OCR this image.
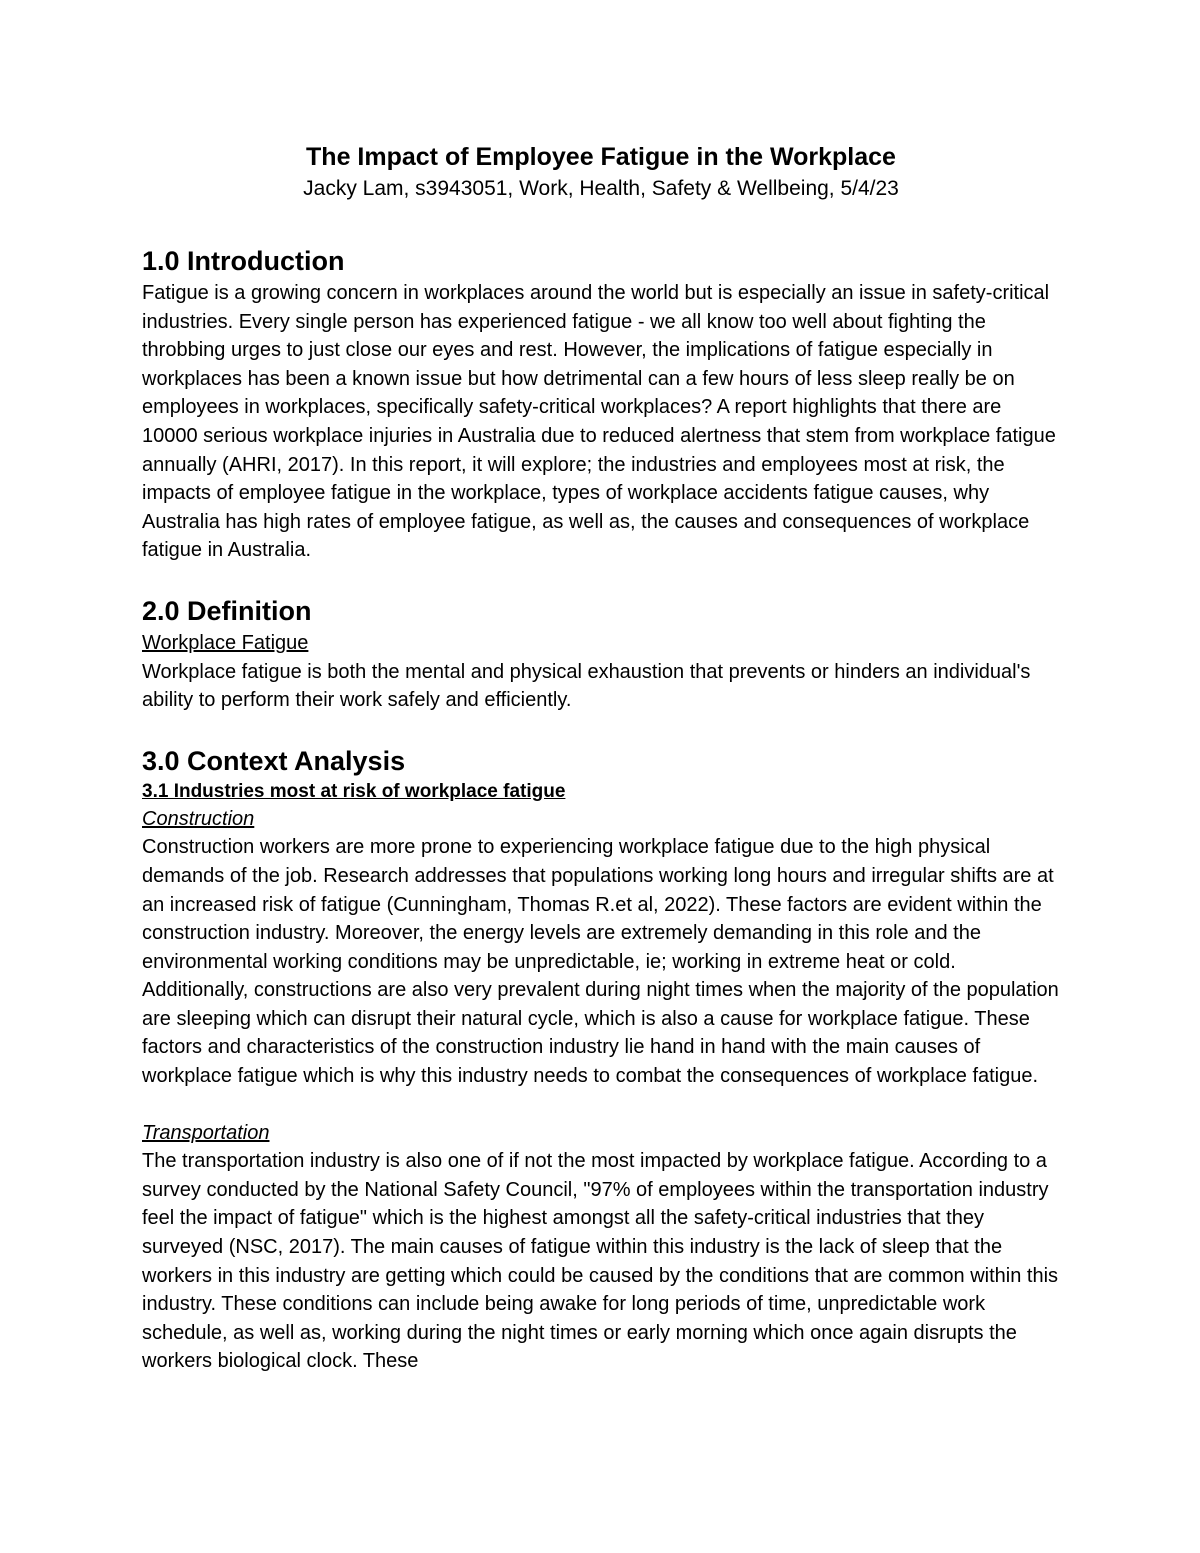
The Impact of Employee Fatigue in the Workplace
Jacky Lam, s3943051, Work, Health, Safety & Wellbeing, 5/4/23
1.0 Introduction

Fatigue is a growing concern in workplaces around the world but is especially an issue in safety-critical industries. Every single person has experienced fatigue - we all know too well about fighting the throbbing urges to just close our eyes and rest. However, the implications of fatigue especially in workplaces has been a known issue but how detrimental can a few hours of less sleep really be on employees in workplaces, specifically safety-critical workplaces? A report highlights that there are 10000 serious workplace injuries in Australia due to reduced alertness that stem from workplace fatigue annually (AHRI, 2017). In this report, it will explore; the industries and employees most at risk, the impacts of employee fatigue in the workplace, types of workplace accidents fatigue causes, why Australia has high rates of employee fatigue, as well as, the causes and consequences of workplace fatigue in Australia.

2.0 Definition
Workplace Fatigue

Workplace fatigue is both the mental and physical exhaustion that prevents or hinders an individual's ability to perform their work safely and efficiently.

3.0 Context Analysis
3.1 Industries most at risk of workplace fatigue
Construction

Construction workers are more prone to experiencing workplace fatigue due to the high physical demands of the job. Research addresses that populations working long hours and irregular shifts are at an increased risk of fatigue (Cunningham, Thomas R.et al, 2022). These factors are evident within the construction industry. Moreover, the energy levels are extremely demanding in this role and the environmental working conditions may be unpredictable, ie; working in extreme heat or cold. Additionally, constructions are also very prevalent during night times when the majority of the population are sleeping which can disrupt their natural cycle, which is also a cause for workplace fatigue. These factors and characteristics of the construction industry lie hand in hand with the main causes of workplace fatigue which is why this industry needs to combat the consequences of workplace fatigue.

Transportation

The transportation industry is also one of if not the most impacted by workplace fatigue. According to a survey conducted by the National Safety Council, "97% of employees within the transportation industry feel the impact of fatigue" which is the highest amongst all the safety-critical industries that they surveyed (NSC, 2017). The main causes of fatigue within this industry is the lack of sleep that the workers in this industry are getting which could be caused by the conditions that are common within this industry. These conditions can include being awake for long periods of time, unpredictable work schedule, as well as, working during the night times or early morning which once again disrupts the workers biological clock. These
